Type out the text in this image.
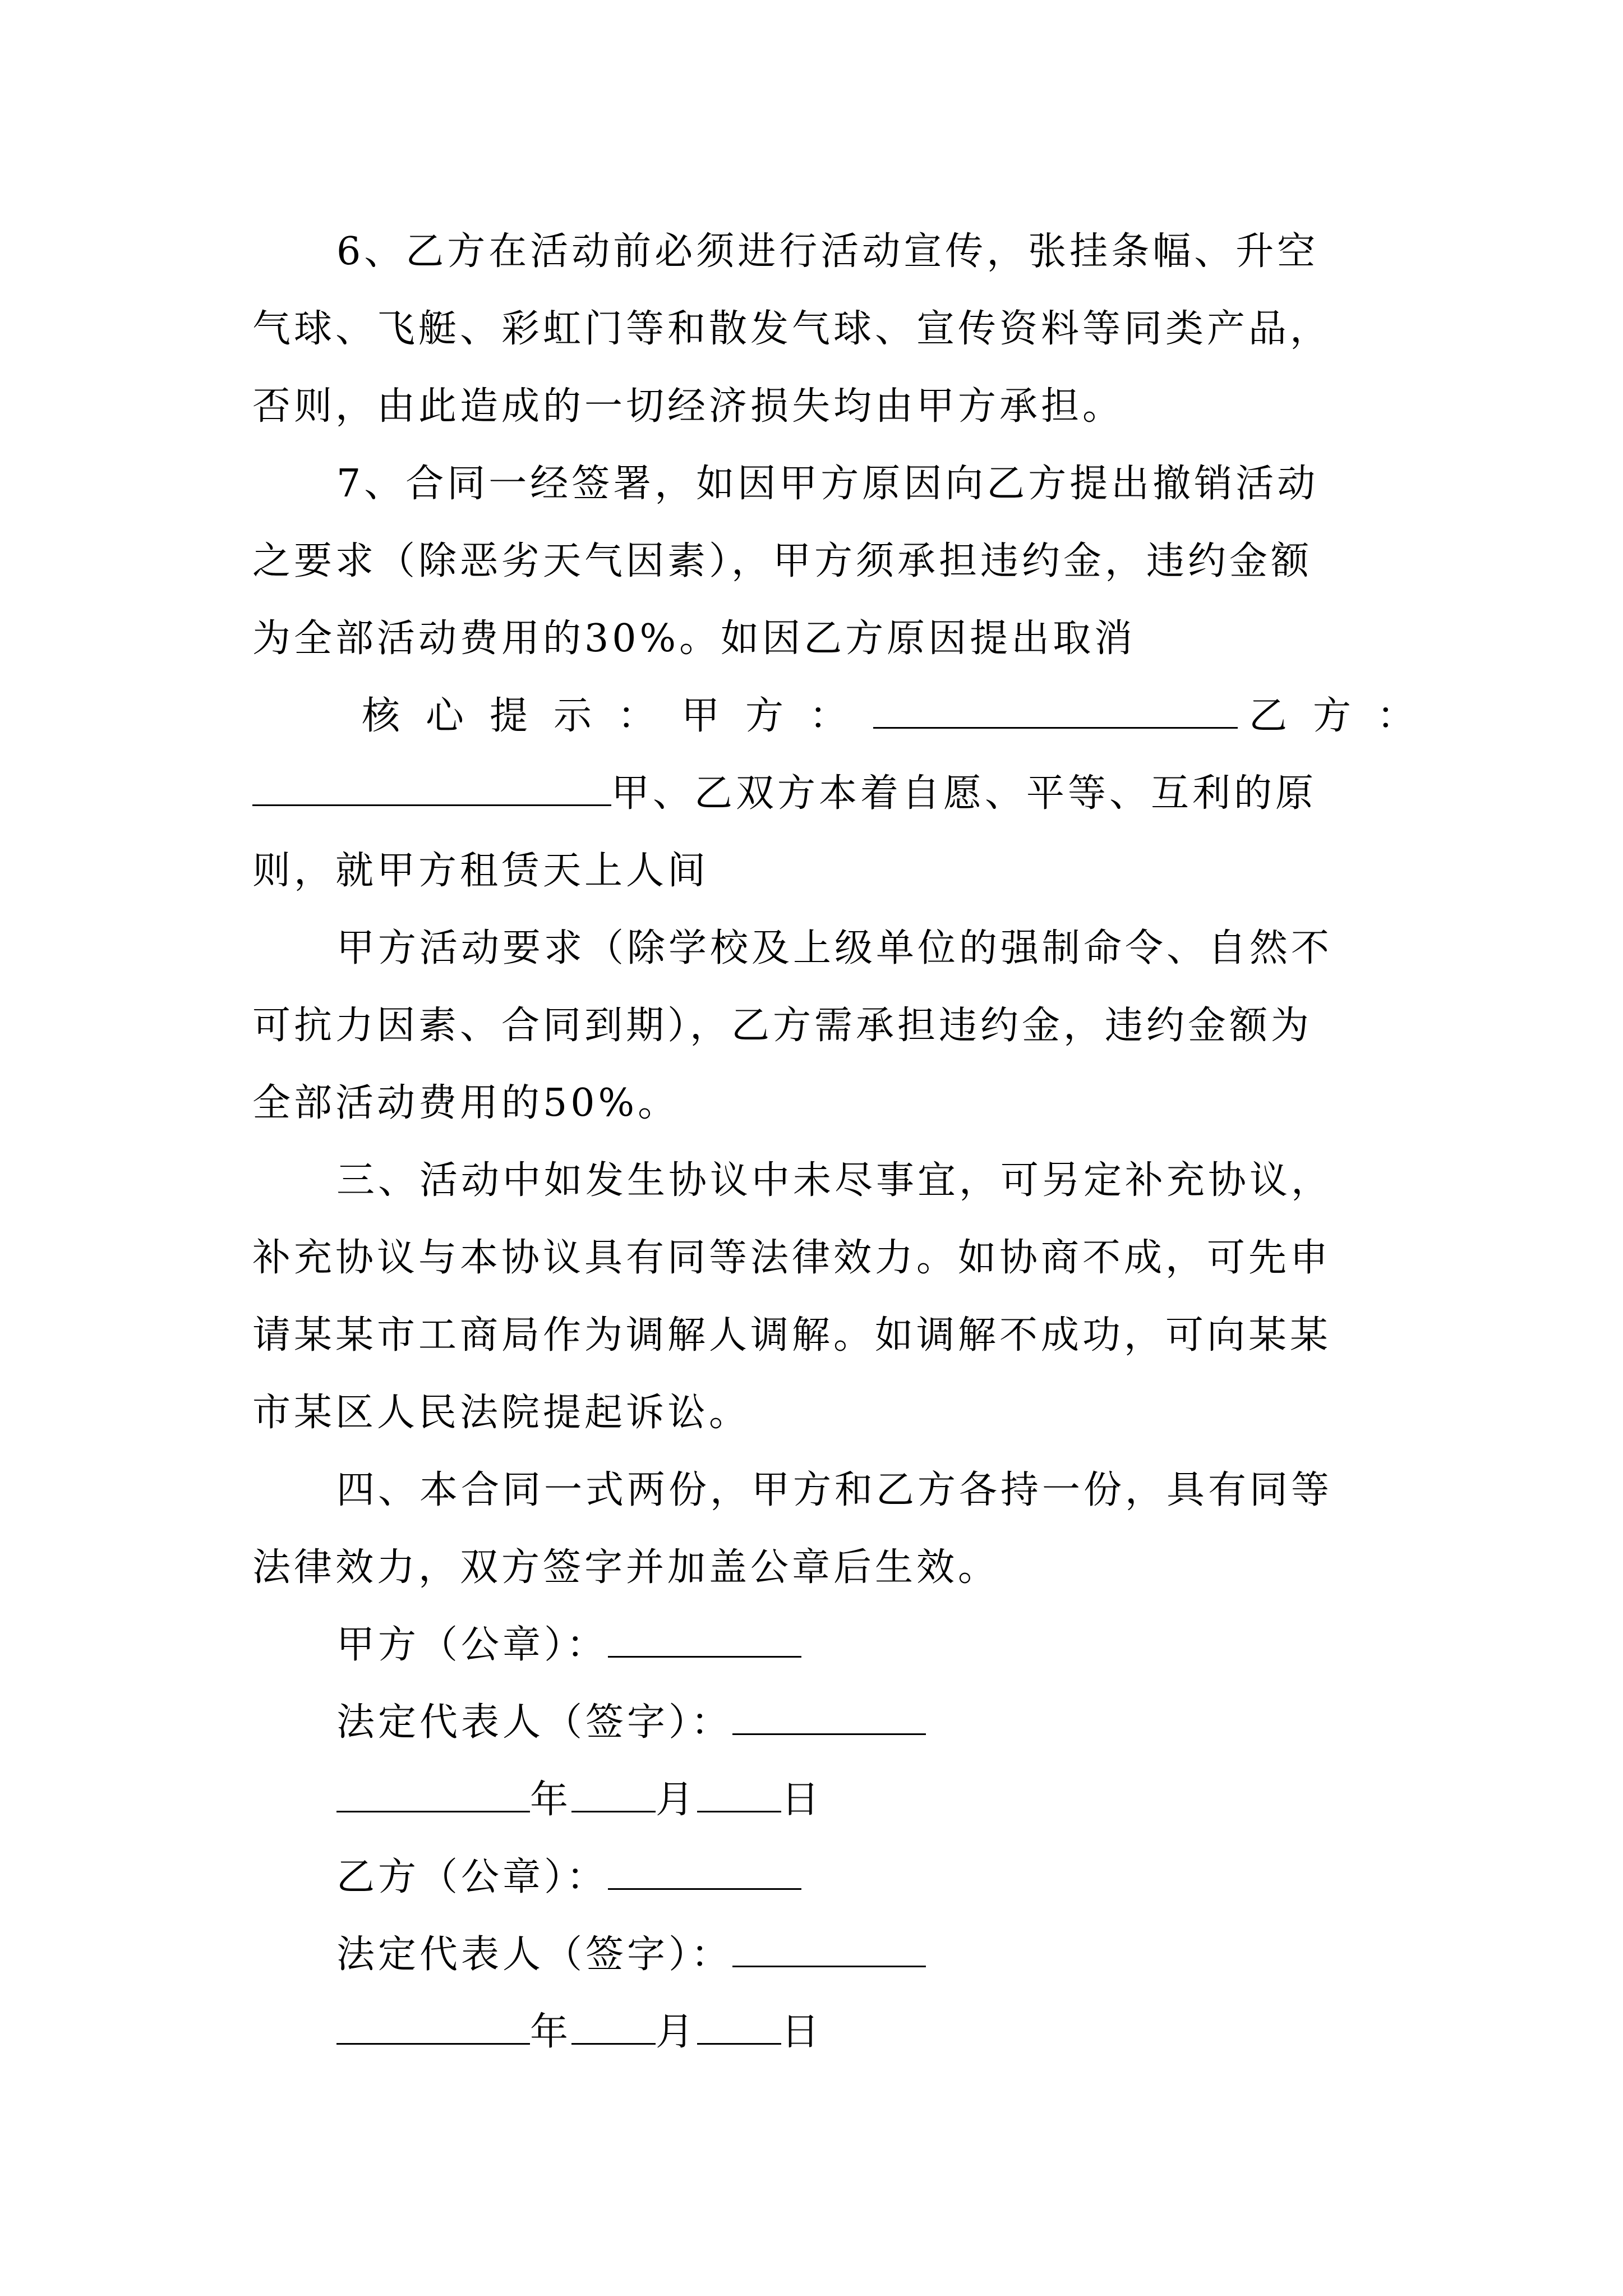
6、乙方在活动前必须进行活动宣传，张挂条幅、升空
气球、飞艇、彩虹门等和散发气球、宣传资料等同类产品，
否则，由此造成的一切经济损失均由甲方承担。

7、合同一经签署，如因甲方原因向乙方提出撤销活动
之要求（除恶劣天气因素），甲方须承担违约金，违约金额
为全部活动费用的30%。如因乙方原因提出取消

核心提示：甲方：	乙方：
甲、乙双方本着自愿、平等、互利的原
则，就甲方租赁天上人间

甲方活动要求（除学校及上级单位的强制命令、自然不
可抗力因素、合同到期），乙方需承担违约金，违约金额为
全部活动费用的50%。

三、活动中如发生协议中未尽事宜，可另定补充协议，
补充协议与本协议具有同等法律效力。如协商不成，可先申
请某某市工商局作为调解人调解。如调解不成功，可向某某
市某区人民法院提起诉讼。

四、本合同一式两份，甲方和乙方各持一份，具有同等
法律效力，双方签字并加盖公章后生效。

甲方（公章）：
法定代表人（签字）：
年 月 日
乙方（公章）：
法定代表人（签字）：
年 月 日
